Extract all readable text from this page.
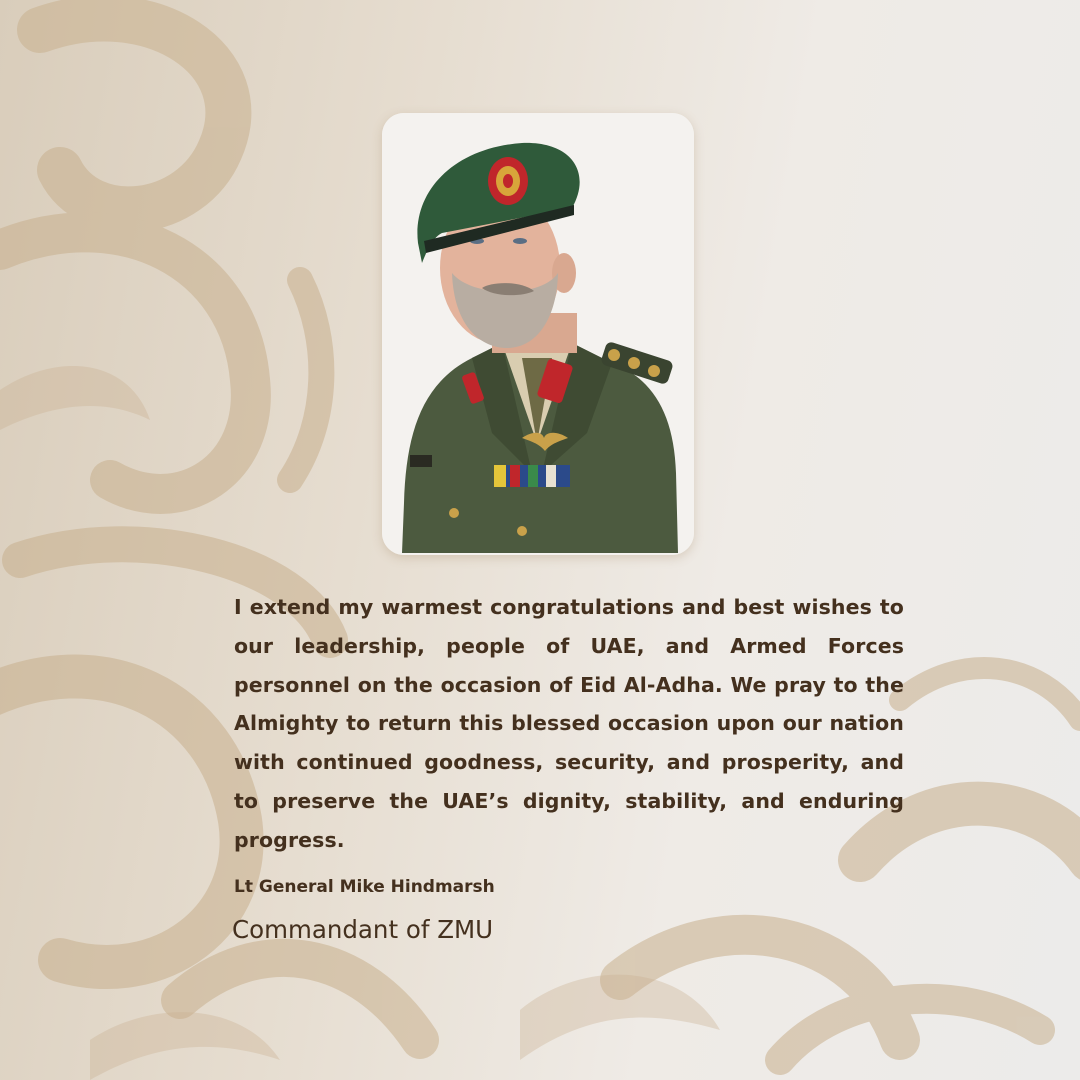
I extend my warmest congratulations and best wishes to our leadership, people of UAE, and Armed Forces personnel on the occasion of Eid Al-Adha. We pray to the Almighty to return this blessed occasion upon our nation with continued goodness, security, and prosperity, and to preserve the UAE’s dignity, stability, and enduring progress.

Lt General Mike Hindmarsh
Commandant of ZMU
